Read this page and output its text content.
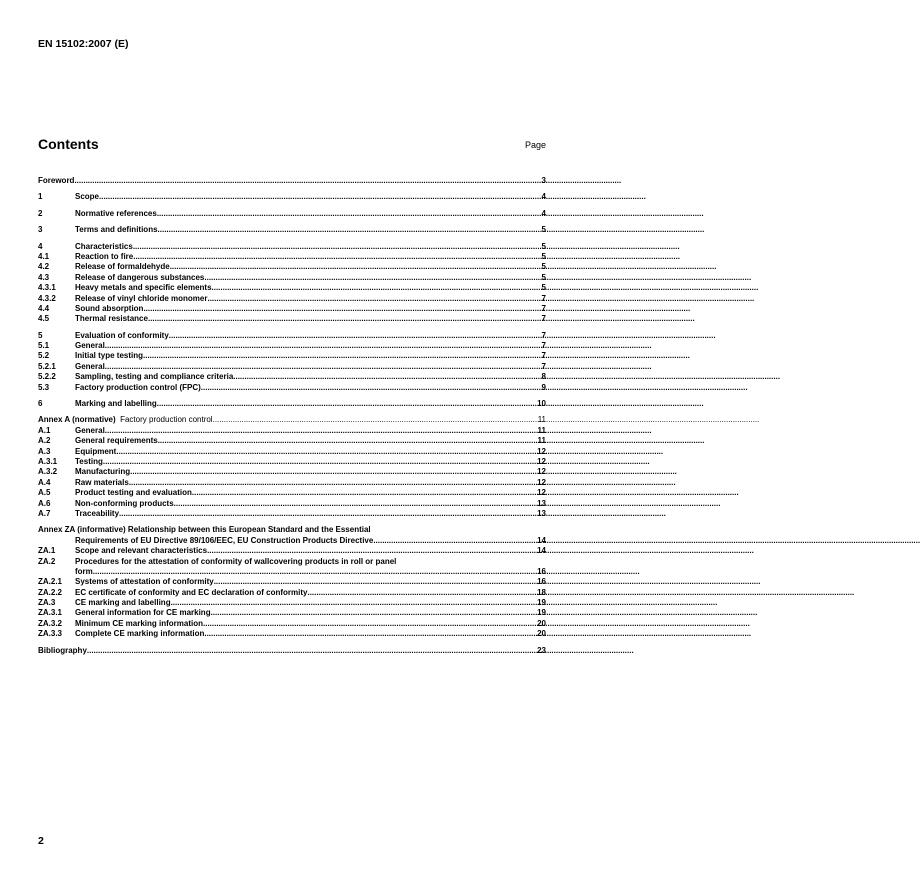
EN 15102:2007 (E)
Contents	Page
Foreword .....	3
1	Scope .....	4
2	Normative references .....	4
3	Terms and definitions .....	5
4	Characteristics .....	5
4.1	Reaction to fire .....	5
4.2	Release of formaldehyde .....	5
4.3	Release of dangerous substances .....	5
4.3.1	Heavy metals and specific elements .....	5
4.3.2	Release of vinyl chloride monomer .....	7
4.4	Sound absorption .....	7
4.5	Thermal resistance .....	7
5	Evaluation of conformity .....	7
5.1	General .....	7
5.2	Initial type testing .....	7
5.2.1	General .....	7
5.2.2	Sampling, testing and compliance criteria .....	8
5.3	Factory production control (FPC) .....	9
6	Marking and labelling .....	10
Annex A (normative) Factory production control .....	11
A.1	General .....	11
A.2	General requirements .....	11
A.3	Equipment .....	12
A.3.1	Testing .....	12
A.3.2	Manufacturing .....	12
A.4	Raw materials .....	12
A.5	Product testing and evaluation .....	12
A.6	Non-conforming products .....	13
A.7	Traceability .....	13
Annex ZA (informative) Relationship between this European Standard and the Essential
Requirements of EU Directive 89/106/EEC, EU Construction Products Directive .....	14
ZA.1	Scope and relevant characteristics .....	14
ZA.2	Procedures for the attestation of conformity of wallcovering products in roll or panel
form .....	16
ZA.2.1	Systems of attestation of conformity .....	16
ZA.2.2	EC certificate of conformity and EC declaration of conformity .....	18
ZA.3	CE marking and labelling .....	19
ZA.3.1	General information for CE marking .....	19
ZA.3.2	Minimum CE marking information .....	20
ZA.3.3	Complete CE marking information .....	20
Bibliography .....	23
2
